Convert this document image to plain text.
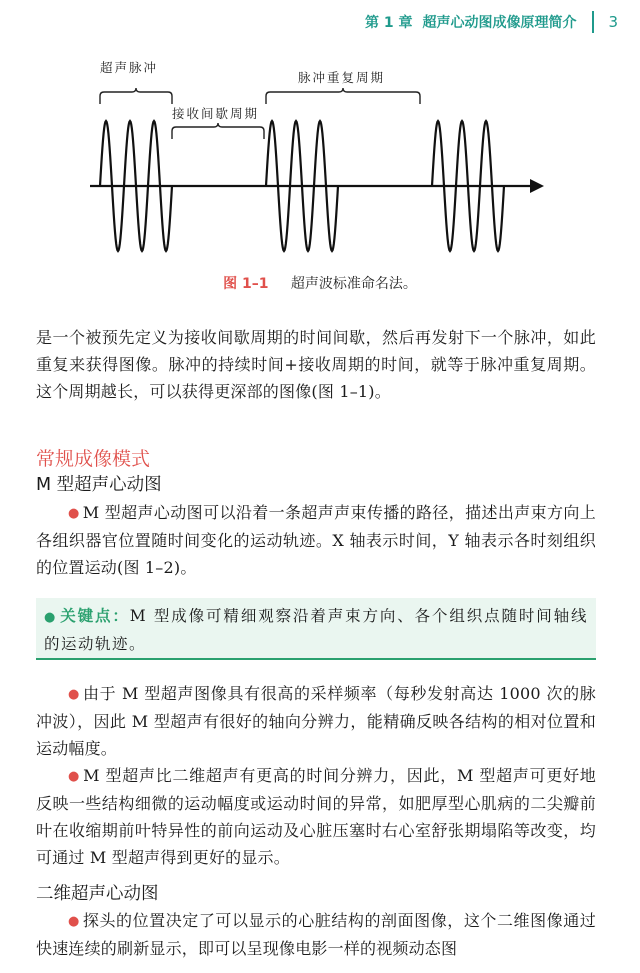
第 1 章 超声心动图成像原理简介 3
超声脉冲
接收间歇周期
脉冲重复周期
图 1–1 超声波标准命名法。

是一个被预先定义为接收间歇周期的时间间歇，然后再发射下一个脉冲，如此重复来获得图像。脉冲的持续时间+接收周期的时间，就等于脉冲重复周期。这个周期越长，可以获得更深部的图像(图 1–1)。

常规成像模式
M 型超声心动图

● M 型超声心动图可以沿着一条超声声束传播的路径，描述出声束方向上各组织器官位置随时间变化的运动轨迹。X 轴表示时间，Y 轴表示各时刻组织的位置运动(图 1–2)。

● 关键点：M 型成像可精细观察沿着声束方向、各个组织点随时间轴线的运动轨迹。

● 由于 M 型超声图像具有很高的采样频率（每秒发射高达 1000 次的脉冲波），因此 M 型超声有很好的轴向分辨力，能精确反映各结构的相对位置和运动幅度。

● M 型超声比二维超声有更高的时间分辨力，因此，M 型超声可更好地反映一些结构细微的运动幅度或运动时间的异常，如肥厚型心肌病的二尖瓣前叶在收缩期前叶特异性的前向运动及心脏压塞时右心室舒张期塌陷等改变，均可通过 M 型超声得到更好的显示。

二维超声心动图

● 探头的位置决定了可以显示的心脏结构的剖面图像，这个二维图像通过快速连续的刷新显示，即可以呈现像电影一样的视频动态图
